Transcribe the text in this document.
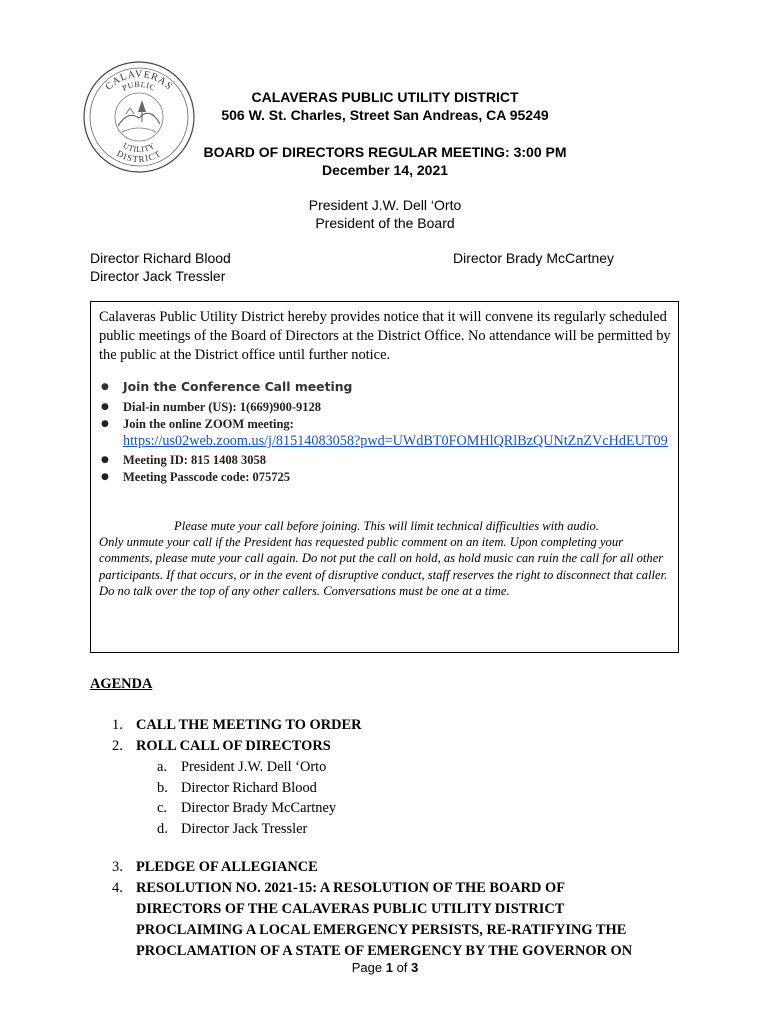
CALAVERAS
PUBLIC
UTILITY
DISTRICT
CALAVERAS PUBLIC UTILITY DISTRICT
506 W. St. Charles, Street San Andreas, CA 95249
BOARD OF DIRECTORS REGULAR MEETING: 3:00 PM
December 14, 2021
President J.W. Dell ‘Orto
President of the Board
Director Richard Blood
Director Jack Tressler
Director Brady McCartney
Calaveras Public Utility District hereby provides notice that it will convene its regularly scheduled public meetings of the Board of Directors at the District Office. No attendance will be permitted by the public at the District office until further notice.
● Join the Conference Call meeting
● Dial-in number (US): 1(669)900-9128
● Join the online ZOOM meeting:
https://us02web.zoom.us/j/81514083058?pwd=UWdBT0FOMHlQRlBzQUNtZnZVcHdEUT09
● Meeting ID: 815 1408 3058
● Meeting Passcode code: 075725
Please mute your call before joining. This will limit technical difficulties with audio.
Only unmute your call if the President has requested public comment on an item. Upon completing your comments, please mute your call again. Do not put the call on hold, as hold music can ruin the call for all other participants. If that occurs, or in the event of disruptive conduct, staff reserves the right to disconnect that caller. Do no talk over the top of any other callers. Conversations must be one at a time.
AGENDA
1. CALL THE MEETING TO ORDER
2. ROLL CALL OF DIRECTORS
a. President J.W. Dell ‘Orto
b. Director Richard Blood
c. Director Brady McCartney
d. Director Jack Tressler
3. PLEDGE OF ALLEGIANCE
4. RESOLUTION NO. 2021-15: A RESOLUTION OF THE BOARD OF
DIRECTORS OF THE CALAVERAS PUBLIC UTILITY DISTRICT
PROCLAIMING A LOCAL EMERGENCY PERSISTS, RE-RATIFYING THE
PROCLAMATION OF A STATE OF EMERGENCY BY THE GOVERNOR ON
Page 1 of 3
